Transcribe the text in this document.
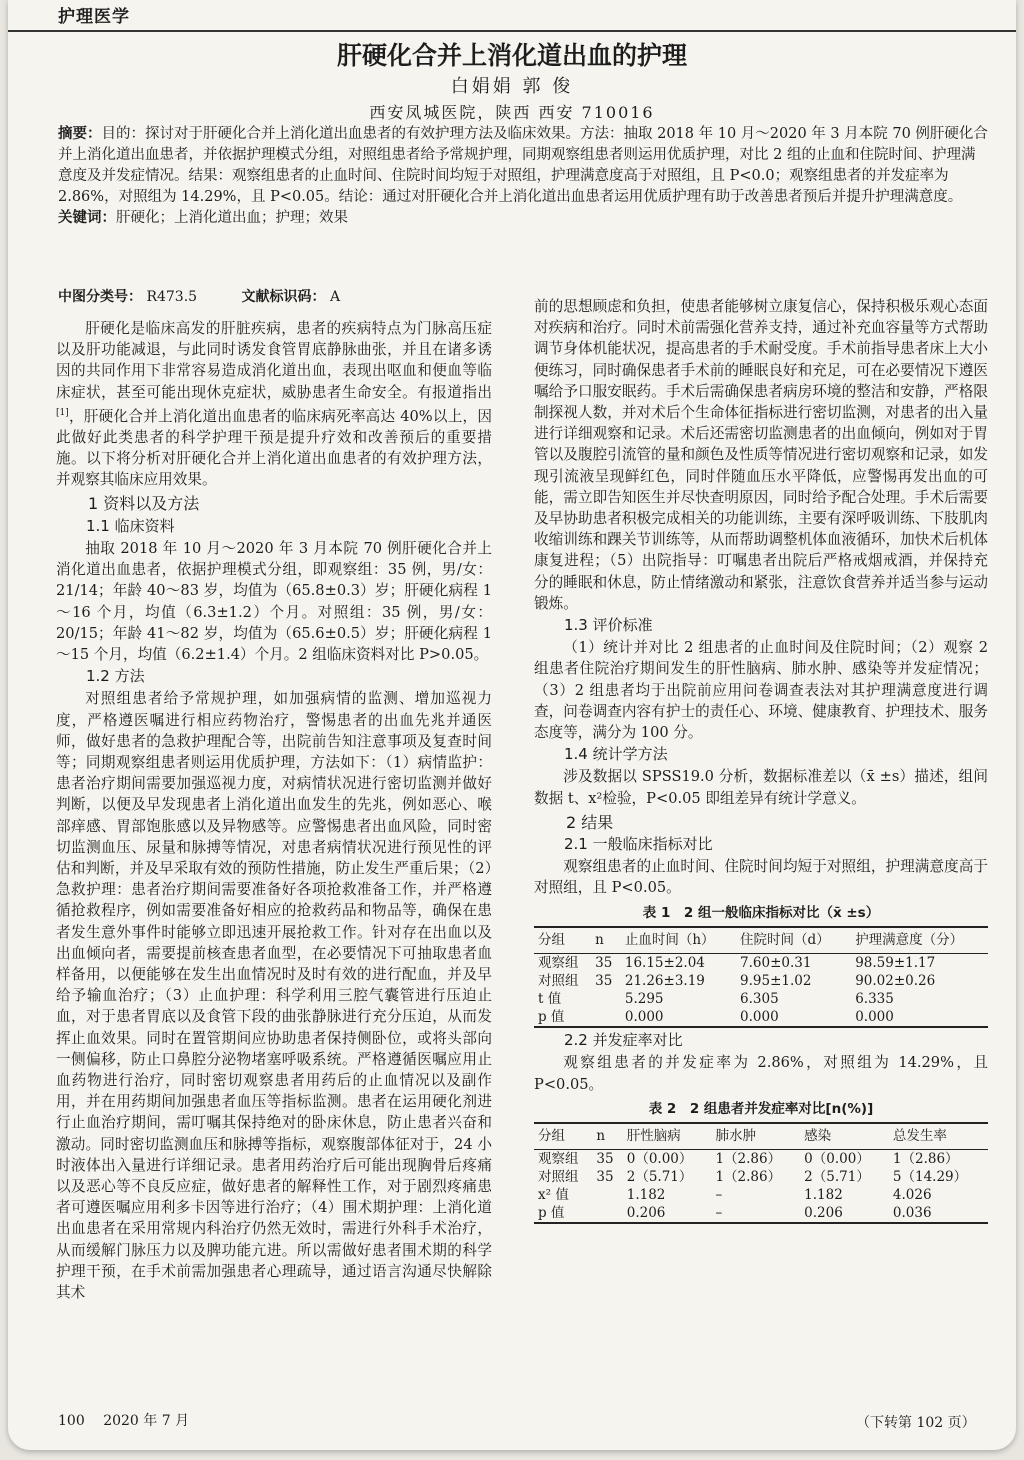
护理医学
肝硬化合并上消化道出血的护理
白娟娟 郭 俊
西安凤城医院，陕西 西安 710016
摘要：目的：探讨对于肝硬化合并上消化道出血患者的有效护理方法及临床效果。方法：抽取 2018 年 10 月～2020 年 3 月本院 70 例肝硬化合并上消化道出血患者，并依据护理模式分组，对照组患者给予常规护理，同期观察组患者则运用优质护理，对比 2 组的止血和住院时间、护理满意度及并发症情况。结果：观察组患者的止血时间、住院时间均短于对照组，护理满意度高于对照组，且 P<0.0；观察组患者的并发症率为 2.86%，对照组为 14.29%，且 P<0.05。结论：通过对肝硬化合并上消化道出血患者运用优质护理有助于改善患者预后并提升护理满意度。
关键词：肝硬化；上消化道出血；护理；效果
中图分类号： R473.5	文献标识码： A

肝硬化是临床高发的肝脏疾病，患者的疾病特点为门脉高压症以及肝功能减退，与此同时诱发食管胃底静脉曲张，并且在诸多诱因的共同作用下非常容易造成消化道出血，表现出呕血和便血等临床症状，甚至可能出现休克症状，威胁患者生命安全。有报道指出[1]，肝硬化合并上消化道出血患者的临床病死率高达 40%以上，因此做好此类患者的科学护理干预是提升疗效和改善预后的重要措施。以下将分析对肝硬化合并上消化道出血患者的有效护理方法，并观察其临床应用效果。

1 资料以及方法
1.1 临床资料

抽取 2018 年 10 月～2020 年 3 月本院 70 例肝硬化合并上消化道出血患者，依据护理模式分组，即观察组：35 例，男/女：21/14；年龄 40～83 岁，均值为（65.8±0.3）岁；肝硬化病程 1～16 个月，均值（6.3±1.2）个月。对照组：35 例，男/女：20/15；年龄 41～82 岁，均值为（65.6±0.5）岁；肝硬化病程 1～15 个月，均值（6.2±1.4）个月。2 组临床资料对比 P>0.05。

1.2 方法

对照组患者给予常规护理，如加强病情的监测、增加巡视力度，严格遵医嘱进行相应药物治疗，警惕患者的出血先兆并通医师，做好患者的急救护理配合等，出院前告知注意事项及复查时间等；同期观察组患者则运用优质护理，方法如下：（1）病情监护：患者治疗期间需要加强巡视力度，对病情状况进行密切监测并做好判断，以便及早发现患者上消化道出血发生的先兆，例如恶心、喉部痒感、胃部饱胀感以及异物感等。应警惕患者出血风险，同时密切监测血压、尿量和脉搏等情况，对患者病情状况进行预见性的评估和判断，并及早采取有效的预防性措施，防止发生严重后果；（2）急救护理：患者治疗期间需要准备好各项抢救准备工作，并严格遵循抢救程序，例如需要准备好相应的抢救药品和物品等，确保在患者发生意外事件时能够立即迅速开展抢救工作。针对存在出血以及出血倾向者，需要提前核查患者血型，在必要情况下可抽取患者血样备用，以便能够在发生出血情况时及时有效的进行配血，并及早给予输血治疗；（3）止血护理：科学利用三腔气囊管进行压迫止血，对于患者胃底以及食管下段的曲张静脉进行充分压迫，从而发挥止血效果。同时在置管期间应协助患者保持侧卧位，或将头部向一侧偏移，防止口鼻腔分泌物堵塞呼吸系统。严格遵循医嘱应用止血药物进行治疗，同时密切观察患者用药后的止血情况以及副作用，并在用药期间加强患者血压等指标监测。患者在运用硬化剂进行止血治疗期间，需叮嘱其保持绝对的卧床休息，防止患者兴奋和激动。同时密切监测血压和脉搏等指标，观察腹部体征对于，24 小时液体出入量进行详细记录。患者用药治疗后可能出现胸骨后疼痛以及恶心等不良反应症，做好患者的解释性工作，对于剧烈疼痛患者可遵医嘱应用利多卡因等进行治疗；（4）围术期护理：上消化道出血患者在采用常规内科治疗仍然无效时，需进行外科手术治疗，从而缓解门脉压力以及脾功能亢进。所以需做好患者围术期的科学护理干预，在手术前需加强患者心理疏导，通过语言沟通尽快解除其术

前的思想顾虑和负担，使患者能够树立康复信心，保持积极乐观心态面对疾病和治疗。同时术前需强化营养支持，通过补充血容量等方式帮助调节身体机能状况，提高患者的手术耐受度。手术前指导患者床上大小便练习，同时确保患者手术前的睡眠良好和充足，可在必要情况下遵医嘱给予口服安眠药。手术后需确保患者病房环境的整洁和安静，严格限制探视人数，并对术后个生命体征指标进行密切监测，对患者的出入量进行详细观察和记录。术后还需密切监测患者的出血倾向，例如对于胃管以及腹腔引流管的量和颜色及性质等情况进行密切观察和记录，如发现引流液呈现鲜红色，同时伴随血压水平降低，应警惕再发出血的可能，需立即告知医生并尽快查明原因，同时给予配合处理。手术后需要及早协助患者积极完成相关的功能训练，主要有深呼吸训练、下肢肌肉收缩训练和踝关节训练等，从而帮助调整机体血液循环，加快术后机体康复进程；（5）出院指导：叮嘱患者出院后严格戒烟戒酒，并保持充分的睡眠和休息，防止情绪激动和紧张，注意饮食营养并适当参与运动锻炼。

1.3 评价标准

（1）统计并对比 2 组患者的止血时间及住院时间；（2）观察 2 组患者住院治疗期间发生的肝性脑病、肺水肿、感染等并发症情况；（3）2 组患者均于出院前应用问卷调查表法对其护理满意度进行调查，问卷调查内容有护士的责任心、环境、健康教育、护理技术、服务态度等，满分为 100 分。

1.4 统计学方法

涉及数据以 SPSS19.0 分析，数据标准差以（x̄ ±s）描述，组间数据 t、x²检验，P<0.05 即组差异有统计学意义。

2 结果
2.1 一般临床指标对比

观察组患者的止血时间、住院时间均短于对照组，护理满意度高于对照组，且 P<0.05。

表 1　2 组一般临床指标对比（x̄ ±s）
分组	n	止血时间（h）	住院时间（d）	护理满意度（分）
观察组	35	16.15±2.04	7.60±0.31	98.59±1.17
对照组	35	21.26±3.19	9.95±1.02	90.02±0.26
t 值		5.295	6.305	6.335
p 值		0.000	0.000	0.000
2.2 并发症率对比

观察组患者的并发症率为 2.86%，对照组为 14.29%，且 P<0.05。

表 2　2 组患者并发症率对比[n(%)]
分组	n	肝性脑病	肺水肿	感染	总发生率
观察组	35	0（0.00）	1（2.86）	0（0.00）	1（2.86）
对照组	35	2（5.71）	1（2.86）	2（5.71）	5（14.29）
x² 值		1.182	–	1.182	4.026
p 值		0.206	–	0.206	0.036
100 2020 年 7 月	（下转第 102 页）
